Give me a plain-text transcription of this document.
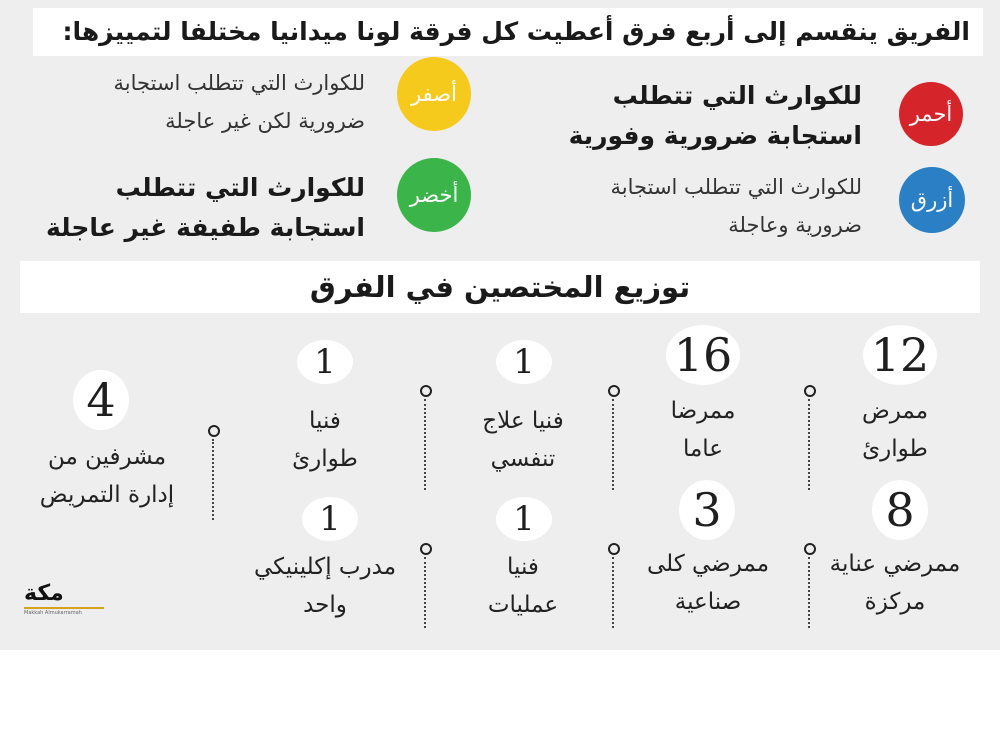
الفريق ينقسم إلى أربع فرق أعطيت كل فرقة لونا ميدانيا مختلفا لتمييزها:
أحمر
للكوارث التي تتطلب
استجابة ضرورية وفورية
أزرق
للكوارث التي تتطلب استجابة
ضرورية وعاجلة
أصفر
للكوارث التي تتطلب استجابة
ضرورية لكن غير عاجلة
أخضر
للكوارث التي تتطلب
استجابة طفيفة غير عاجلة
توزيع المختصين في الفرق
12
ممرض
طوارئ
16
ممرضا
عاما
1
فنيا علاج
تنفسي
1
فنيا
طوارئ
4
مشرفين من
إدارة التمريض	8
ممرضي عناية
مركزة
3
ممرضي كلى
صناعية
1
فنيا
عمليات
1
مدرب إكلينيكي
واحد
مكة
Makkah Almukarramah
